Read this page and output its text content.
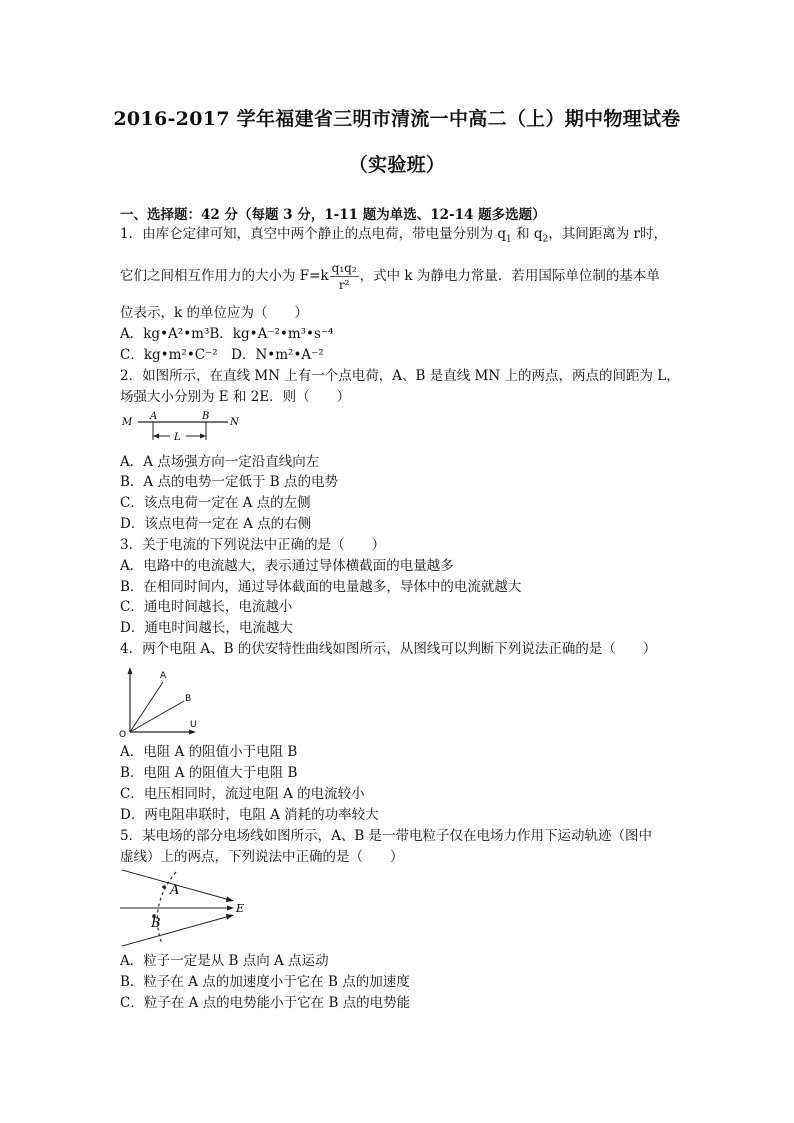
2016-2017 学年福建省三明市清流一中高二（上）期中物理试卷
（实验班）
一、选择题：42 分（每题 3 分，1-11 题为单选、12-14 题多选题）
1．由库仑定律可知，真空中两个静止的点电荷，带电量分别为 $q_1$ 和 $q_2$，其间距离为 r时，
它们之间相互作用力的大小为 $F=k \frac{\text{q₁q₂}}{\text{r²}}$ ，式中 k 为静电力常量．若用国际单位制的基本单
位表示，k 的单位应为（　　）
A．kg•A²•m³B．kg•A⁻²•m³•s⁻⁴
C．kg•m²•C⁻²　D．N•m²•A⁻²
2．如图所示，在直线 MN 上有一个点电荷，A、B 是直线 MN 上的两点，两点的间距为 L，
场强大小分别为 E 和 2E．则（　　）
M
A	B
N
L
A．A 点场强方向一定沿直线向左
B．A 点的电势一定低于 B 点的电势
C．该点电荷一定在 A 点的左侧
D．该点电荷一定在 A 点的右侧
3．关于电流的下列说法中正确的是（　　）
A．电路中的电流越大，表示通过导体横截面的电量越多
B．在相同时间内，通过导体截面的电量越多，导体中的电流就越大
C．通电时间越长，电流越小
D．通电时间越长，电流越大
4．两个电阻 A、B 的伏安特性曲线如图所示，从图线可以判断下列说法正确的是（　　）
A
B
O
U
A．电阻 A 的阻值小于电阻 B
B．电阻 A 的阻值大于电阻 B
C．电压相同时，流过电阻 A 的电流较小
D．两电阻串联时，电阻 A 消耗的功率较大
5．某电场的部分电场线如图所示，A、B 是一带电粒子仅在电场力作用下运动轨迹（图中
虚线）上的两点，下列说法中正确的是（　　）
A
B
E
A．粒子一定是从 B 点向 A 点运动
B．粒子在 A 点的加速度小于它在 B 点的加速度
C．粒子在 A 点的电势能小于它在 B 点的电势能
